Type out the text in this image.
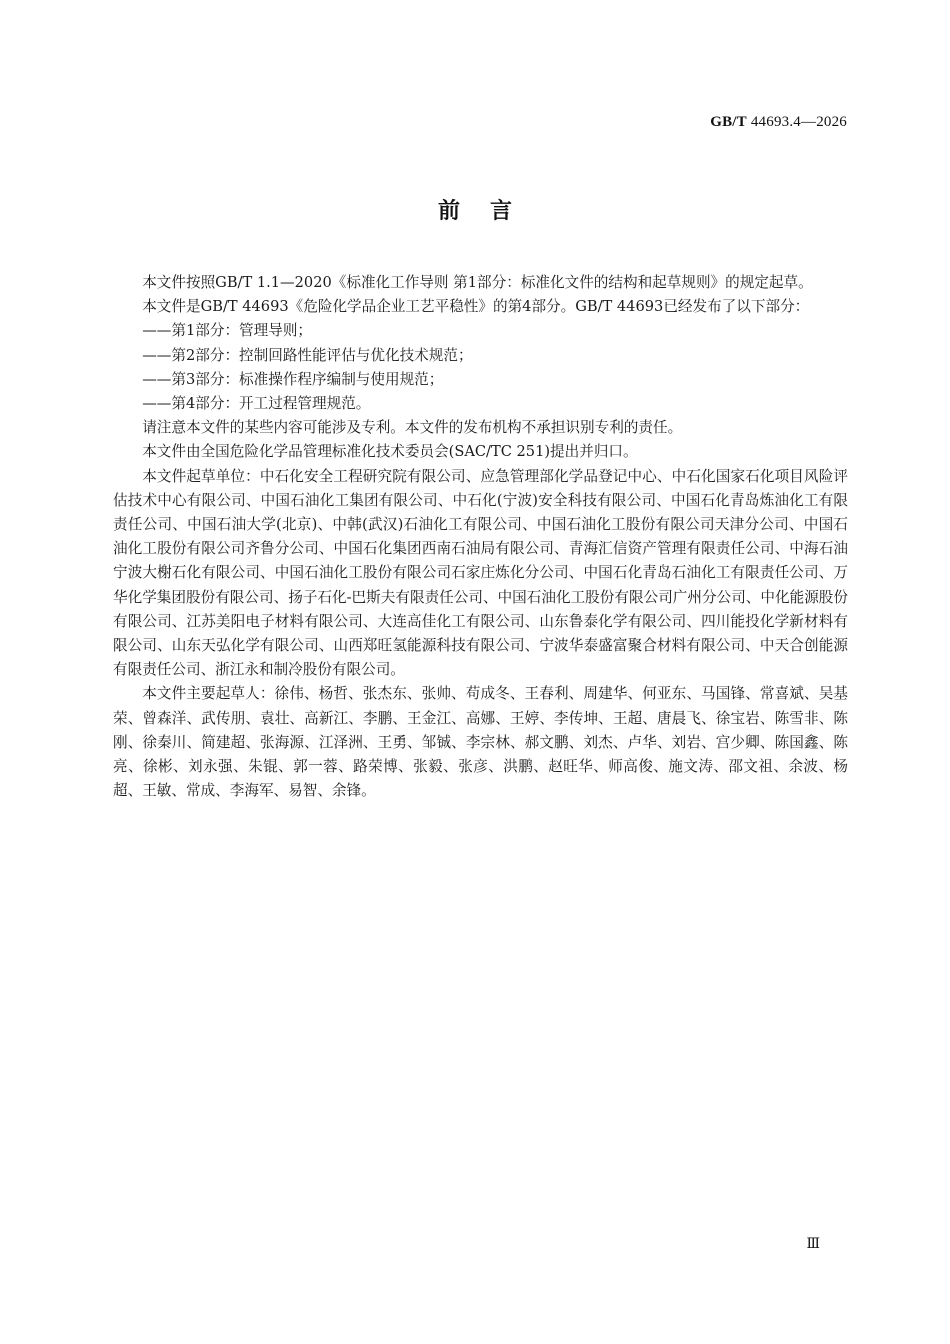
GB/T 44693.4—2026
前言

本文件按照GB/T 1.1—2020《标准化工作导则 第1部分：标准化文件的结构和起草规则》的规定起草。

本文件是GB/T 44693《危险化学品企业工艺平稳性》的第4部分。GB/T 44693已经发布了以下部分：

——第1部分：管理导则；

——第2部分：控制回路性能评估与优化技术规范；

——第3部分：标准操作程序编制与使用规范；

——第4部分：开工过程管理规范。

请注意本文件的某些内容可能涉及专利。本文件的发布机构不承担识别专利的责任。

本文件由全国危险化学品管理标准化技术委员会(SAC/TC 251)提出并归口。

本文件起草单位：中石化安全工程研究院有限公司、应急管理部化学品登记中心、中石化国家石化项目风险评估技术中心有限公司、中国石油化工集团有限公司、中石化(宁波)安全科技有限公司、中国石化青岛炼油化工有限责任公司、中国石油大学(北京)、中韩(武汉)石油化工有限公司、中国石油化工股份有限公司天津分公司、中国石油化工股份有限公司齐鲁分公司、中国石化集团西南石油局有限公司、青海汇信资产管理有限责任公司、中海石油宁波大榭石化有限公司、中国石油化工股份有限公司石家庄炼化分公司、中国石化青岛石油化工有限责任公司、万华化学集团股份有限公司、扬子石化-巴斯夫有限责任公司、中国石油化工股份有限公司广州分公司、中化能源股份有限公司、江苏美阳电子材料有限公司、大连高佳化工有限公司、山东鲁泰化学有限公司、四川能投化学新材料有限公司、山东天弘化学有限公司、山西郑旺氢能源科技有限公司、宁波华泰盛富聚合材料有限公司、中天合创能源有限责任公司、浙江永和制冷股份有限公司。

本文件主要起草人：徐伟、杨哲、张杰东、张帅、苟成冬、王春利、周建华、何亚东、马国锋、常喜斌、吴基荣、曾森洋、武传朋、袁壮、高新江、李鹏、王金江、高娜、王婷、李传坤、王超、唐晨飞、徐宝岩、陈雪非、陈刚、徐秦川、简建超、张海源、江泽洲、王勇、邹铖、李宗林、郝文鹏、刘杰、卢华、刘岩、宫少卿、陈国鑫、陈亮、徐彬、刘永强、朱锟、郭一蓉、路荣博、张毅、张彦、洪鹏、赵旺华、师高俊、施文涛、邵文祖、余波、杨超、王敏、常成、李海军、易智、余锋。

Ⅲ
